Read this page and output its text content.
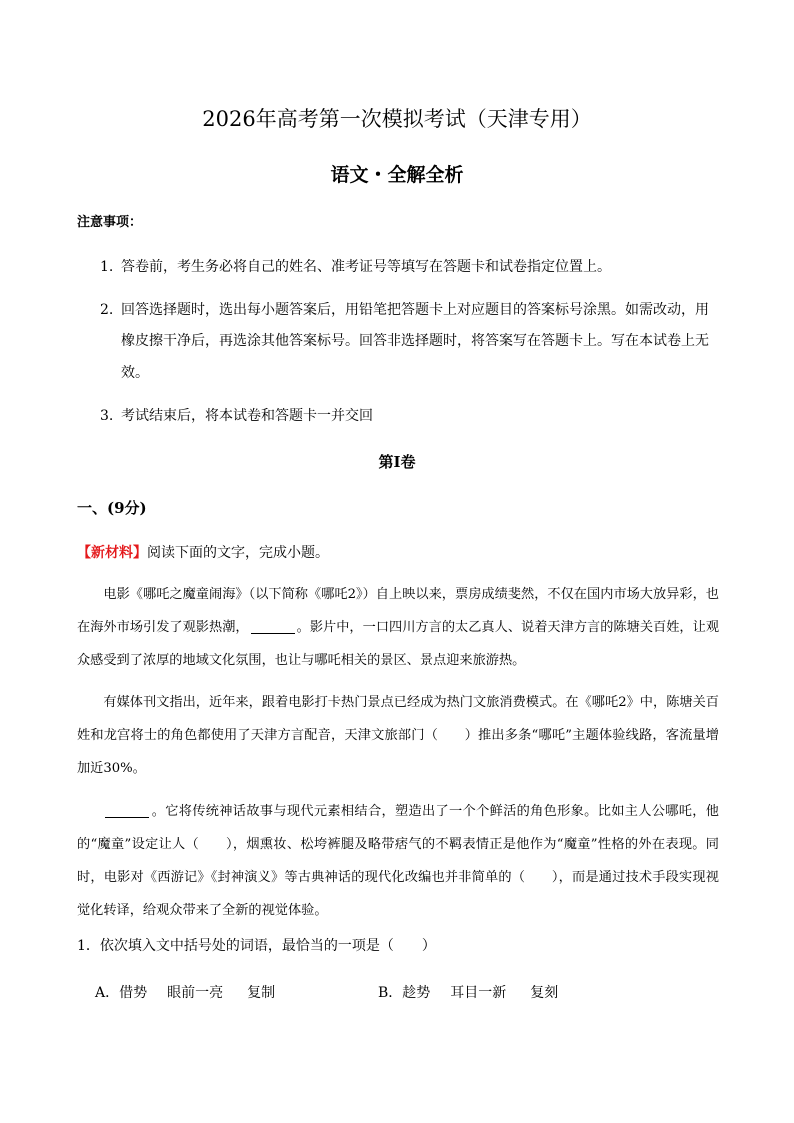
2026年高考第一次模拟考试（天津专用）
语文・全解全析
注意事项：
1. 答卷前，考生务必将自己的姓名、准考证号等填写在答题卡和试卷指定位置上。
2. 回答选择题时，选出每小题答案后，用铅笔把答题卡上对应题目的答案标号涂黑。如需改动，用
橡皮擦干净后，再选涂其他答案标号。回答非选择题时，将答案写在答题卡上。写在本试卷上无
效。
3. 考试结束后，将本试卷和答题卡一并交回
第Ⅰ卷
一、(9分)
【新材料】阅读下面的文字，完成小题。
电影《哪吒之魔童闹海》（以下简称《哪吒2》）自上映以来，票房成绩斐然，不仅在国内市场大放异彩，也在海外市场引发了观影热潮，	。影片中，一口四川方言的太乙真人、说着天津方言的陈塘关百姓，让观众感受到了浓厚的地域文化氛围，也让与哪吒相关的景区、景点迎来旅游热。
有媒体刊文指出，近年来，跟着电影打卡热门景点已经成为热门文旅消费模式。在《哪吒2》中，陈塘关百姓和龙宫将士的角色都使用了天津方言配音，天津文旅部门（　　）推出多条“哪吒”主题体验线路，客流量增加近30%。
。它将传统神话故事与现代元素相结合，塑造出了一个个鲜活的角色形象。比如主人公哪吒，他的“魔童”设定让人（　　），烟熏妆、松垮裤腿及略带痞气的不羁表情正是他作为“魔童”性格的外在表现。同时，电影对《西游记》《封神演义》等古典神话的现代化改编也并非简单的（　　），而是通过技术手段实现视觉化转译，给观众带来了全新的视觉体验。
1．依次填入文中括号处的词语，最恰当的一项是（　　）
A．借势 眼前一亮 复制	B．趁势 耳目一新 复刻
